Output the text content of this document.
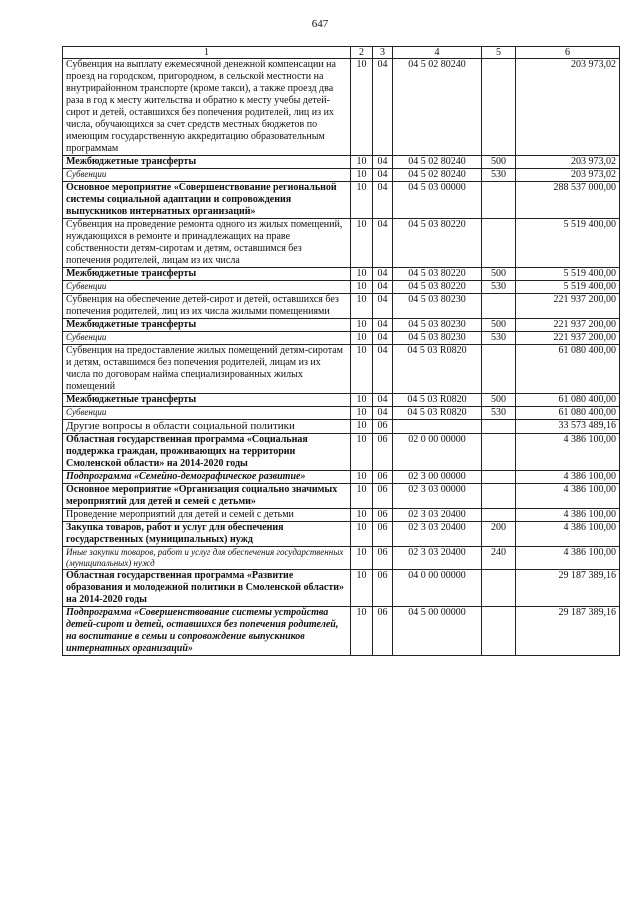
647
1	2	3	4	5	6
Субвенция на выплату ежемесячной денежной компенсации на проезд на городском, пригородном, в сельской местности на внутрирайонном транспорте (кроме такси), а также проезд два раза в год к месту жительства и обратно к месту учебы детей-сирот и детей, оставшихся без попечения родителей, лиц из их числа, обучающихся за счет средств местных бюджетов по имеющим государственную аккредитацию образовательным программам	10	04	04 5 02 80240		203 973,02
Межбюджетные трансферты	10	04	04 5 02 80240	500	203 973,02
Субвенции	10	04	04 5 02 80240	530	203 973,02
Основное мероприятие «Совершенствование региональной системы социальной адаптации и сопровождения выпускников интернатных организаций»	10	04	04 5 03 00000		288 537 000,00
Субвенция на проведение ремонта одного из жилых помещений, нуждающихся в ремонте и принадлежащих на праве собственности детям-сиротам и детям, оставшимся без попечения родителей, лицам из их числа	10	04	04 5 03 80220		5 519 400,00
Межбюджетные трансферты	10	04	04 5 03 80220	500	5 519 400,00
Субвенции	10	04	04 5 03 80220	530	5 519 400,00
Субвенция на обеспечение детей-сирот и детей, оставшихся без попечения родителей, лиц из их числа жилыми помещениями	10	04	04 5 03 80230		221 937 200,00
Межбюджетные трансферты	10	04	04 5 03 80230	500	221 937 200,00
Субвенции	10	04	04 5 03 80230	530	221 937 200,00
Субвенция на предоставление жилых помещений детям-сиротам и детям, оставшимся без попечения родителей, лицам из их числа по договорам найма специализированных жилых помещений	10	04	04 5 03 R0820		61 080 400,00
Межбюджетные трансферты	10	04	04 5 03 R0820	500	61 080 400,00
Субвенции	10	04	04 5 03 R0820	530	61 080 400,00
Другие вопросы в области социальной политики	10	06			33 573 489,16
Областная государственная программа «Социальная поддержка граждан, проживающих на территории Смоленской области» на 2014-2020 годы	10	06	02 0 00 00000		4 386 100,00
Подпрограмма «Семейно-демографическое развитие»	10	06	02 3 00 00000		4 386 100,00
Основное мероприятие «Организация социально значимых мероприятий для детей и семей с детьми»	10	06	02 3 03 00000		4 386 100,00
Проведение мероприятий для детей и семей с детьми	10	06	02 3 03 20400		4 386 100,00
Закупка товаров, работ и услуг для обеспечения государственных (муниципальных) нужд	10	06	02 3 03 20400	200	4 386 100,00
Иные закупки товаров, работ и услуг для обеспечения государственных (муниципальных) нужд	10	06	02 3 03 20400	240	4 386 100,00
Областная государственная программа «Развитие образования и молодежной политики в Смоленской области» на 2014-2020 годы	10	06	04 0 00 00000		29 187 389,16
Подпрограмма «Совершенствование системы устройства детей-сирот и детей, оставшихся без попечения родителей, на воспитание в семьи и сопровождение выпускников интернатных организаций»	10	06	04 5 00 00000		29 187 389,16
